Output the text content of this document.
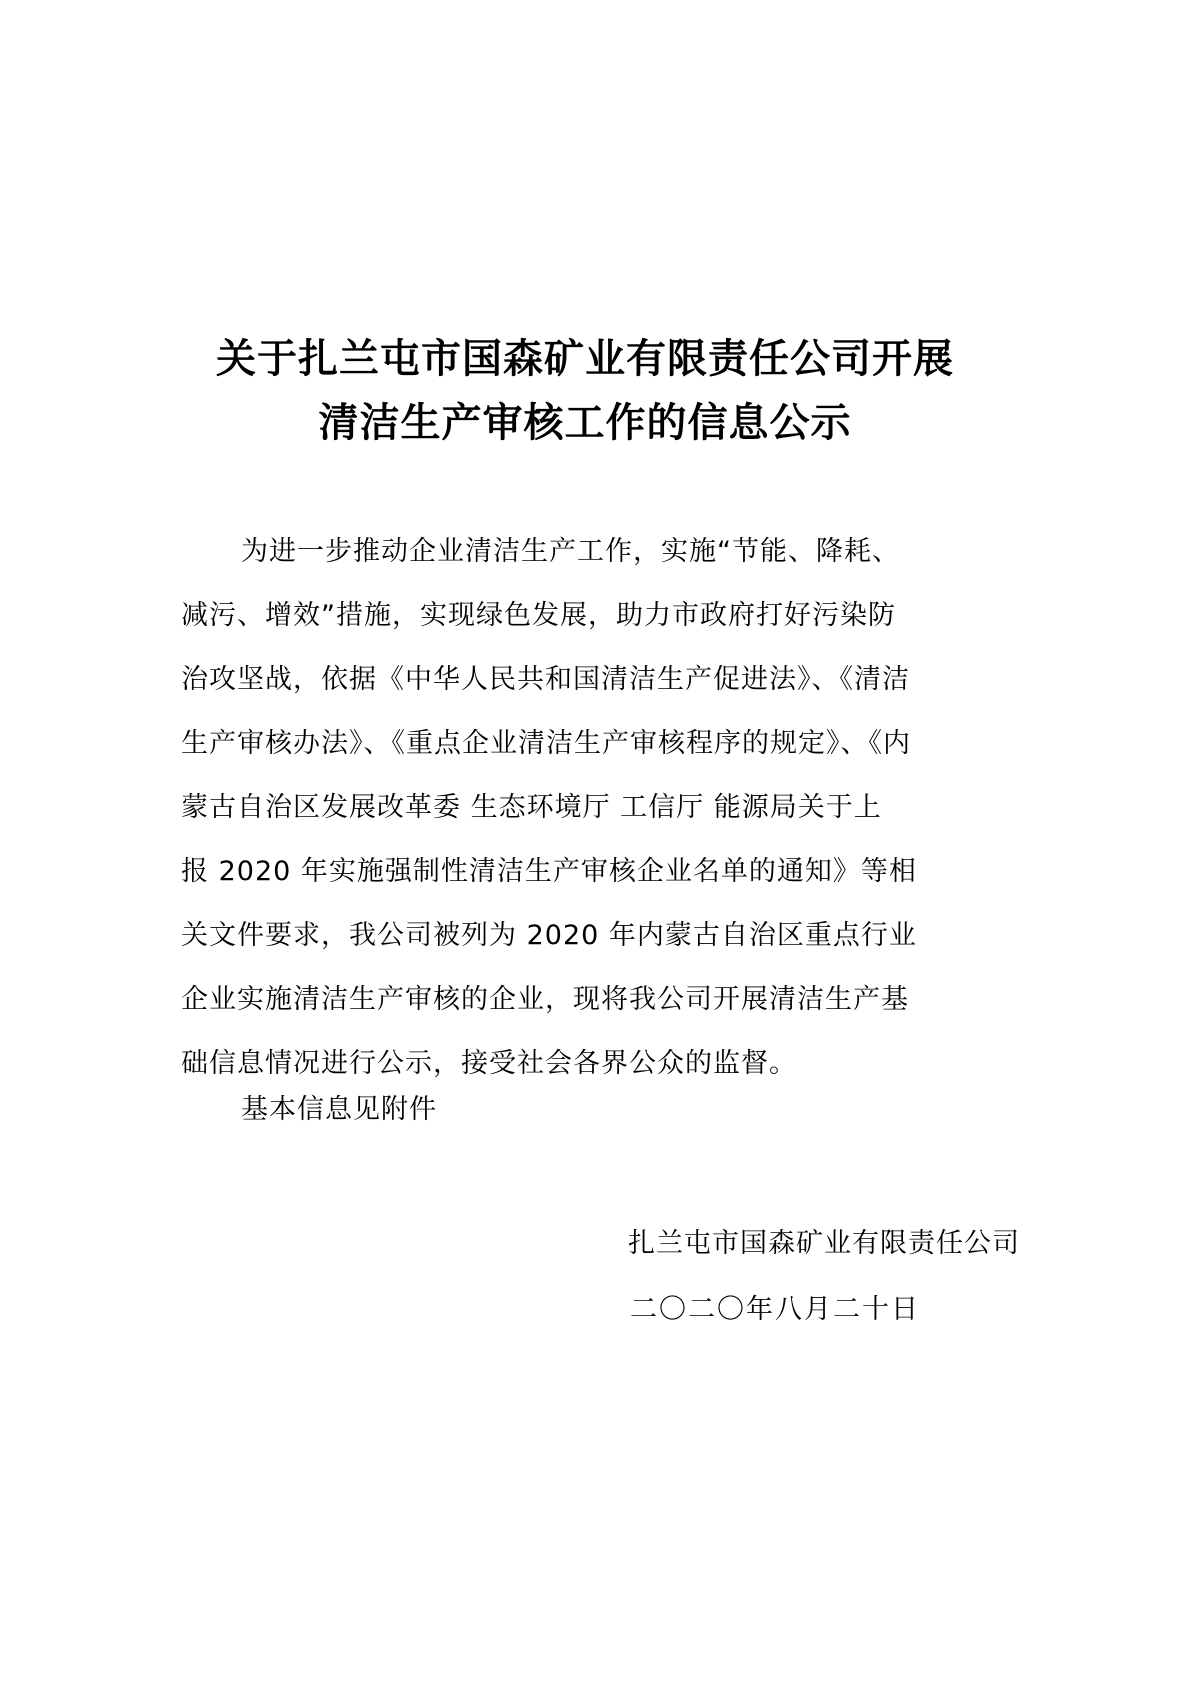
关于扎兰屯市国森矿业有限责任公司开展
清洁生产审核工作的信息公示
为进一步推动企业清洁生产工作，实施“节能、降耗、
减污、增效”措施，实现绿色发展，助力市政府打好污染防
治攻坚战，依据《中华人民共和国清洁生产促进法》、《清洁
生产审核办法》、《重点企业清洁生产审核程序的规定》、《内
蒙古自治区发展改革委 生态环境厅 工信厅 能源局关于上
报 2020 年实施强制性清洁生产审核企业名单的通知》等相
关文件要求，我公司被列为 2020 年内蒙古自治区重点行业
企业实施清洁生产审核的企业，现将我公司开展清洁生产基
础信息情况进行公示，接受社会各界公众的监督。
基本信息见附件
扎兰屯市国森矿业有限责任公司
二〇二〇年八月二十日
